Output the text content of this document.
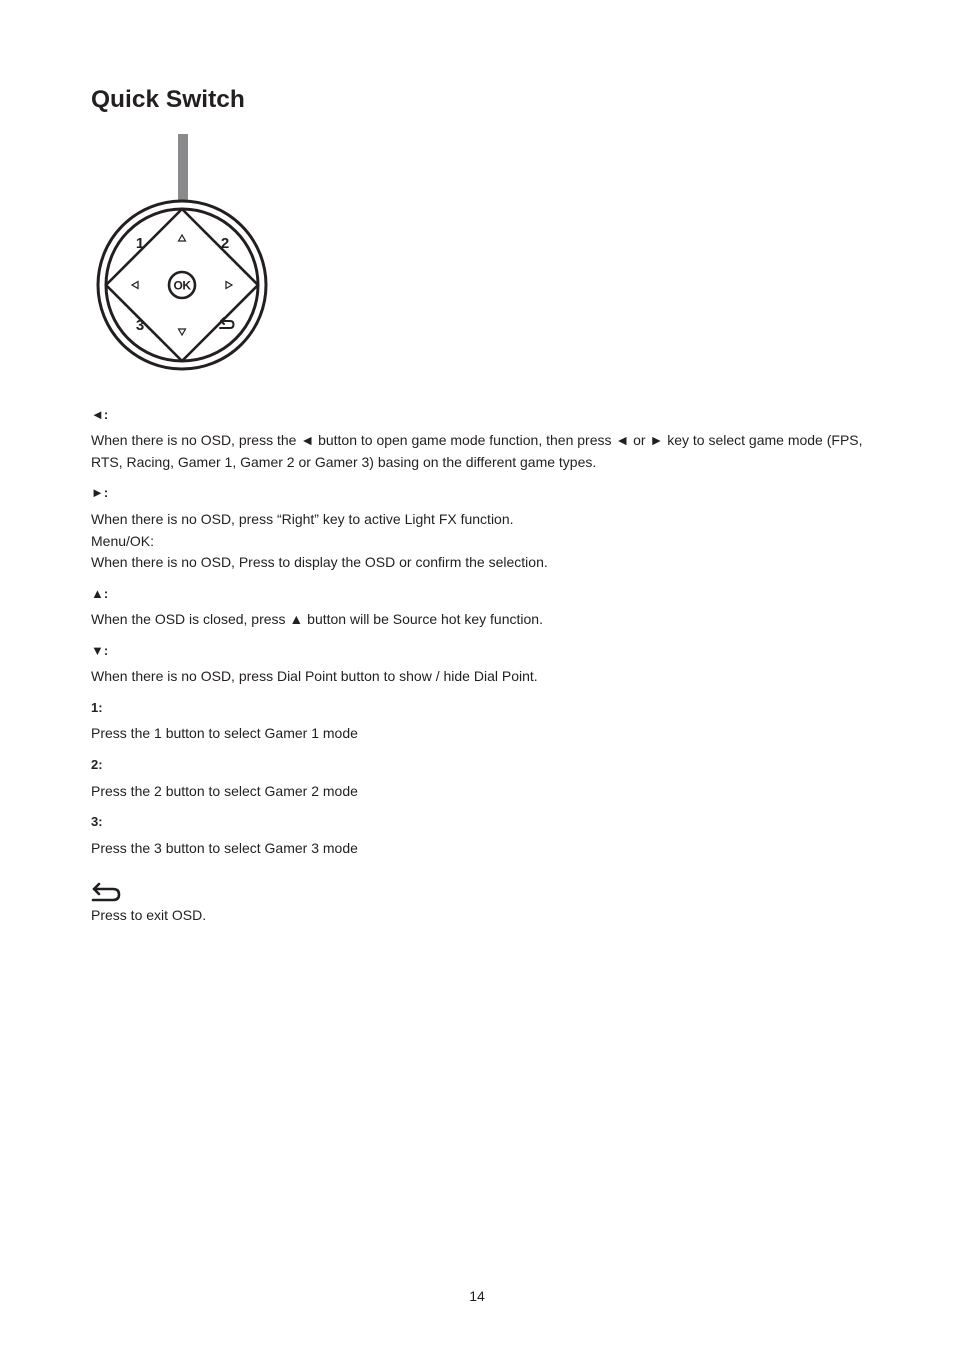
Quick Switch
OK
1	2
3
◄:

When there is no OSD, press the ◄ button to open game mode function, then press ◄ or ► key to select game mode (FPS, RTS, Racing, Gamer 1, Gamer 2 or Gamer 3) basing on the different game types.

►:

When there is no OSD, press “Right” key to active Light FX function.

Menu/OK:

When there is no OSD, Press to display the OSD or confirm the selection.

▲:

When the OSD is closed, press ▲ button will be Source hot key function.

▼:

When there is no OSD, press Dial Point button to show / hide Dial Point.

1:

Press the 1 button to select Gamer 1 mode

2:

Press the 2 button to select Gamer 2 mode

3:

Press the 3 button to select Gamer 3 mode

Press to exit OSD.

14
